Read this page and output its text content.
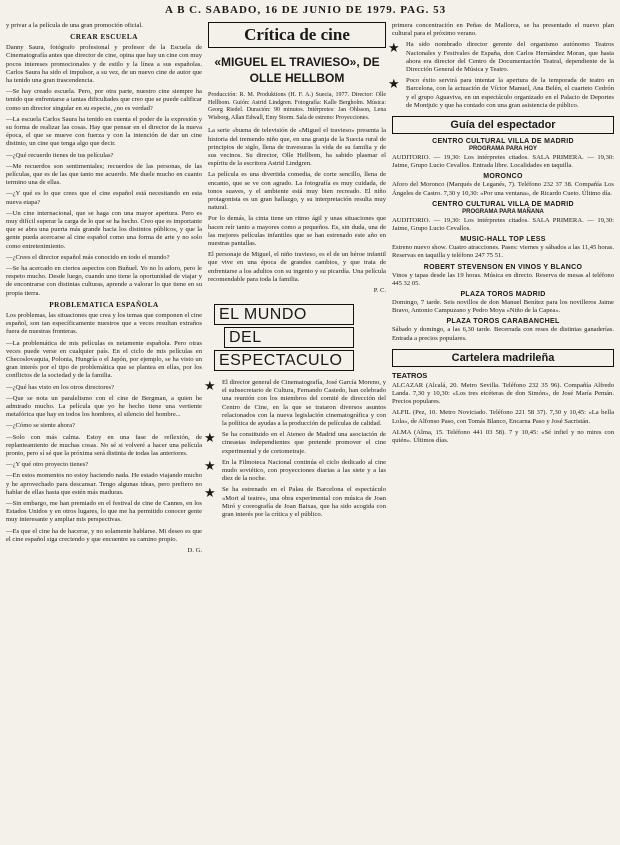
A B C. SABADO, 16 DE JUNIO DE 1979. PAG. 53

y privar a la película de una gran promoción oficial.

CREAR ESCUELA

Danny Saura, fotógrafo profesional y profesor de la Escuela de Cinematografía antes que director de cine, opina que hay un cine con muy pocos intereses promocionales y de estilo y la línea a sus españolas. Carlos Saura ha sido el impulsor, a su vez, de un nuevo cine de autor que ha tenido una gran trascendencia.

—Se hay creado escuela. Pero, por otra parte, nuestro cine siempre ha tenido que enfrentarse a tantas dificultades que creo que se puede calificar como un director singular en su especie, ¿no es verdad?

—La escuela Carlos Saura ha tenido en cuenta el poder de la expresión y su forma de realizar las cosas. Hay que pensar en el director de la nueva época, el que se mueve con fuerza y con la intención de dar un cine distinto, un cine que tenga algo que decir.

—¿Qué recuerdo tienes de tus películas?

—Me recuerdos son sentimentales; recuerdos de las personas, de las películas, que es de las que tanto me acuerdo. Me duele mucho en cuanto termino una de ellas.

—¿Y qué es lo que crees que el cine español está necesitando en esta nueva etapa?

—Un cine internacional, que se haga con una mayor apertura. Pero es muy difícil superar la carga de lo que se ha hecho. Creo que es importante que se abra una puerta más grande hacia los distintos públicos, y que la gente pueda acercarse al cine español como una forma de arte y no solo como entretenimiento.

—¿Crees el director español más conocido en todo el mundo?

—Se ha acercado en ciertos aspectos con Buñuel. Yo no lo adoro, pero le respeto mucho. Desde luego, cuando uno tiene la oportunidad de viajar y de encontrarse con distintas culturas, aprende a valorar lo que tiene en su propia tierra.

PROBLEMATICA ESPAÑOLA

Los problemas, las situaciones que crea y los temas que componen el cine español, son tan específicamente nuestros que a veces resultan extraños fuera de nuestras fronteras.

—La problemática de mis películas es netamente española. Pero otras veces puede verse en cualquier país. En el ciclo de mis películas en Checoslovaquia, Polonia, Hungría o el Japón, por ejemplo, se ha visto un gran interés por el tipo de problemática que se plantea en ellas, por los conflictos de la sociedad y de la familia.

—¿Qué has visto en los otros directores?

—Que se nota un paralelismo con el cine de Bergman, a quien he admirado mucho. La película que yo he hecho tiene una vertiente metafórica que hay en todos los hombres, el silencio del hombre...

—¿Cómo se siente ahora?

—Solo con más calma. Estoy en una fase de reflexión, de replanteamiento de muchas cosas. No sé si volveré a hacer una película pronto, pero sí sé que la próxima será distinta de todas las anteriores.

—¿Y qué otro proyecto tienes?

—En estos momentos no estoy haciendo nada. He estado viajando mucho y he aprovechado para descansar. Tengo algunas ideas, pero prefiero no hablar de ellas hasta que estén más maduras.

—Sin embargo, me han premiado en el festival de cine de Cannes, en los Estados Unidos y en otros lugares, lo que me ha permitido conocer gente muy interesante y ampliar mis perspectivas.

—Es que el cine ha de hacerse, y no solamente hablarse. Mi deseo es que el cine español siga creciendo y que encuentre su camino propio.

D. G.
Crítica de cine
«MIGUEL EL TRAVIESO», DE OLLE HELLBOM
Producción: R. M. Produktions (H. F. A.) Suecia, 1977. Director: Olle Hellbom. Guión: Astrid Lindgren. Fotografía: Kalle Bergholm. Música: Georg Riedel. Duración: 90 minutos. Intérpretes: Jan Ohlsson, Lena Wisborg, Allan Edwall, Emy Storm. Sala de estreno: Proyecciones.

La serie «buena de televisión de «Miguel el travieso» presenta la historia del tremendo niño que, en una granja de la Suecia rural de principios de siglo, llena de travesuras la vida de su familia y de sus vecinos. Su director, Olle Hellbom, ha sabido plasmar el espíritu de la escritora Astrid Lindgren.

La película es una divertida comedia, de corte sencillo, llena de encanto, que se ve con agrado. La fotografía es muy cuidada, de tonos suaves, y el ambiente está muy bien recreado. El niño protagonista es un gran hallazgo, y su interpretación resulta muy natural.

Por lo demás, la cinta tiene un ritmo ágil y unas situaciones que hacen reír tanto a mayores como a pequeños. Es, sin duda, una de las mejores películas infantiles que se han estrenado este año en nuestras pantallas.

El personaje de Miguel, el niño travieso, es el de un héroe infantil que vive en una época de grandes cambios, y que trata de enfrentarse a los adultos con su ingenio y su picardía. Una película recomendable para toda la familia.

P. C.
EL MUNDO
DEL
ESPECTACULO
★ El director general de Cinematografía, José García Moreno, y el subsecretario de Cultura, Fernando Castedo, han celebrado una reunión con los miembros del comité de dirección del Centro de Cine, en la que se trataron diversos asuntos relacionados con la nueva legislación cinematográfica y con la política de ayudas a la producción de películas de calidad.

★ Se ha constituido en el Ateneo de Madrid una asociación de cineastas independientes que pretende promover el cine experimental y de cortometraje.

★ En la Filmoteca Nacional continúa el ciclo dedicado al cine mudo soviético, con proyecciones diarias a las siete y a las diez de la noche.

★ Se ha estrenado en el Palau de Barcelona el espectáculo «Mort al teatre», una obra experimental con música de Joan Miró y coreografía de Joan Baixas, que ha sido acogida con gran interés por la crítica y el público.

primera concentración en Peñas de Mallorca, se ha presentado el nuevo plan cultural para el próximo verano.

★ Ha sido nombrado director gerente del organismo autónomo Teatros Nacionales y Festivales de España, don Carlos Hernández Moran, que hasta ahora era director del Centro de Documentación Teatral, dependiente de la Dirección General de Música y Teatro.

★ Poco éxito servirá para intentar la apertura de la temporada de teatro en Barcelona, con la actuación de Víctor Manuel, Ana Belén, el cuarteto Cedrón y el grupo Aguaviva, en un espectáculo organizado en el Palacio de Deportes de Montjuïc y que ha contado con una gran asistencia de público.

Guía del espectador
CENTRO CULTURAL VILLA DE MADRID
PROGRAMA PARA HOY

AUDITORIO. — 19,30: Los intérpretes citados. SALA PRIMERA. — 19,30: Jaime, Grupo Lucio Cevallos. Entrada libre. Localidades en taquilla.

MORONCO

Aforo del Moronco (Marqués de Leganés, 7). Teléfono 232 37 38. Compañía Los Ángeles de Castro. 7,30 y 10,30: «Por una ventana», de Ricardo Cueto. Último día.

CENTRO CULTURAL VILLA DE MADRID
PROGRAMA PARA MAÑANA

AUDITORIO. — 19,30: Los intérpretes citados. SALA PRIMERA. — 19,30: Jaime, Grupo Lucio Cevallos.

MUSIC-HALL TOP LESS

Estreno nuevo show. Cuatro atracciones. Pases: viernes y sábados a las 11,45 horas. Reservas en taquilla y teléfono 247 75 51.

ROBERT STEVENSON EN VINOS Y BLANCO

Vinos y tapas desde las 19 horas. Música en directo. Reserva de mesas al teléfono 445 32 05.

PLAZA TOROS MADRID

Domingo, 7 tarde. Seis novillos de don Manuel Benítez para los novilleros Jaime Bravo, Antonio Campuzano y Pedro Moya «Niño de la Capea».

PLAZA TOROS CARABANCHEL

Sábado y domingo, a las 6,30 tarde. Becerrada con reses de distintas ganaderías. Entrada a precios populares.

Cartelera madrileña
TEATROS

ALCAZAR (Alcalá, 20. Metro Sevilla. Teléfono 232 35 96). Compañía Alfredo Landa. 7,30 y 10,30: «Los tres etcéteras de don Simón», de José María Pemán. Precios populares.

ALFIL (Pez, 10. Metro Noviciado. Teléfono 221 58 37). 7,30 y 10,45: «La bella Lola», de Alfonso Paso, con Tomás Blanco, Encarna Paso y José Sacristán.

ALMA (Alma, 15. Teléfono 441 03 58). 7 y 10,45: «Sé infiel y no mires con quién». Últimos días.
